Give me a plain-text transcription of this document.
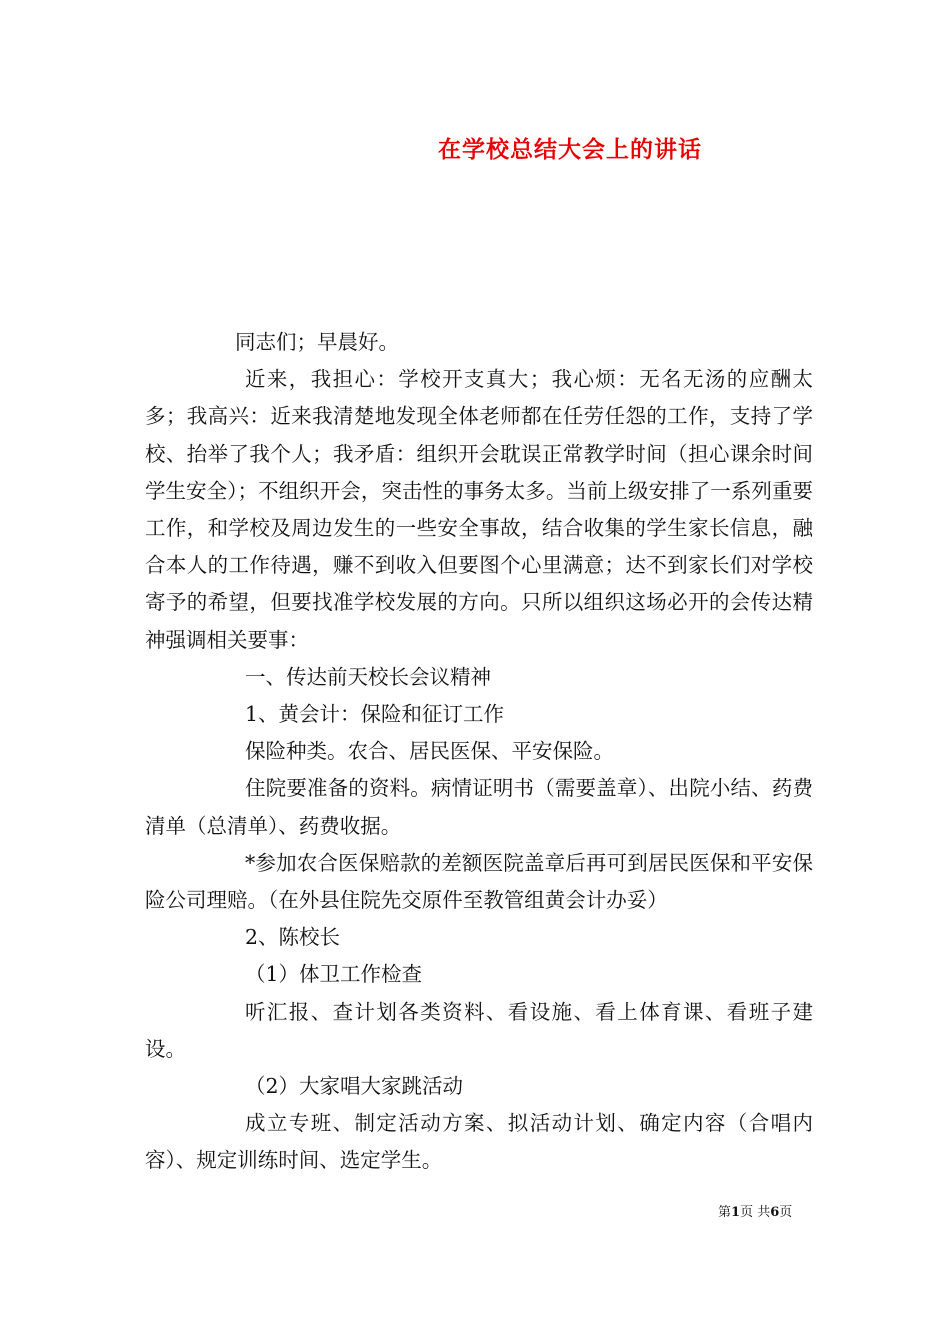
在学校总结大会上的讲话

同志们；早晨好。

近来，我担心：学校开支真大；我心烦：无名无汤的应酬太多；我高兴：近来我清楚地发现全体老师都在任劳任怨的工作，支持了学校、抬举了我个人；我矛盾：组织开会耽误正常教学时间（担心课余时间学生安全）；不组织开会，突击性的事务太多。当前上级安排了一系列重要工作，和学校及周边发生的一些安全事故，结合收集的学生家长信息，融合本人的工作待遇，赚不到收入但要图个心里满意；达不到家长们对学校寄予的希望，但要找准学校发展的方向。只所以组织这场必开的会传达精神强调相关要事：

一、传达前天校长会议精神

1、黄会计：保险和征订工作

保险种类。农合、居民医保、平安保险。

住院要准备的资料。病情证明书（需要盖章）、出院小结、药费清单（总清单）、药费收据。

*参加农合医保赔款的差额医院盖章后再可到居民医保和平安保险公司理赔。（在外县住院先交原件至教管组黄会计办妥）

2、陈校长

（1）体卫工作检查

听汇报、查计划各类资料、看设施、看上体育课、看班子建设。

（2）大家唱大家跳活动

成立专班、制定活动方案、拟活动计划、确定内容（合唱内容）、规定训练时间、选定学生。

第1页 共6页
